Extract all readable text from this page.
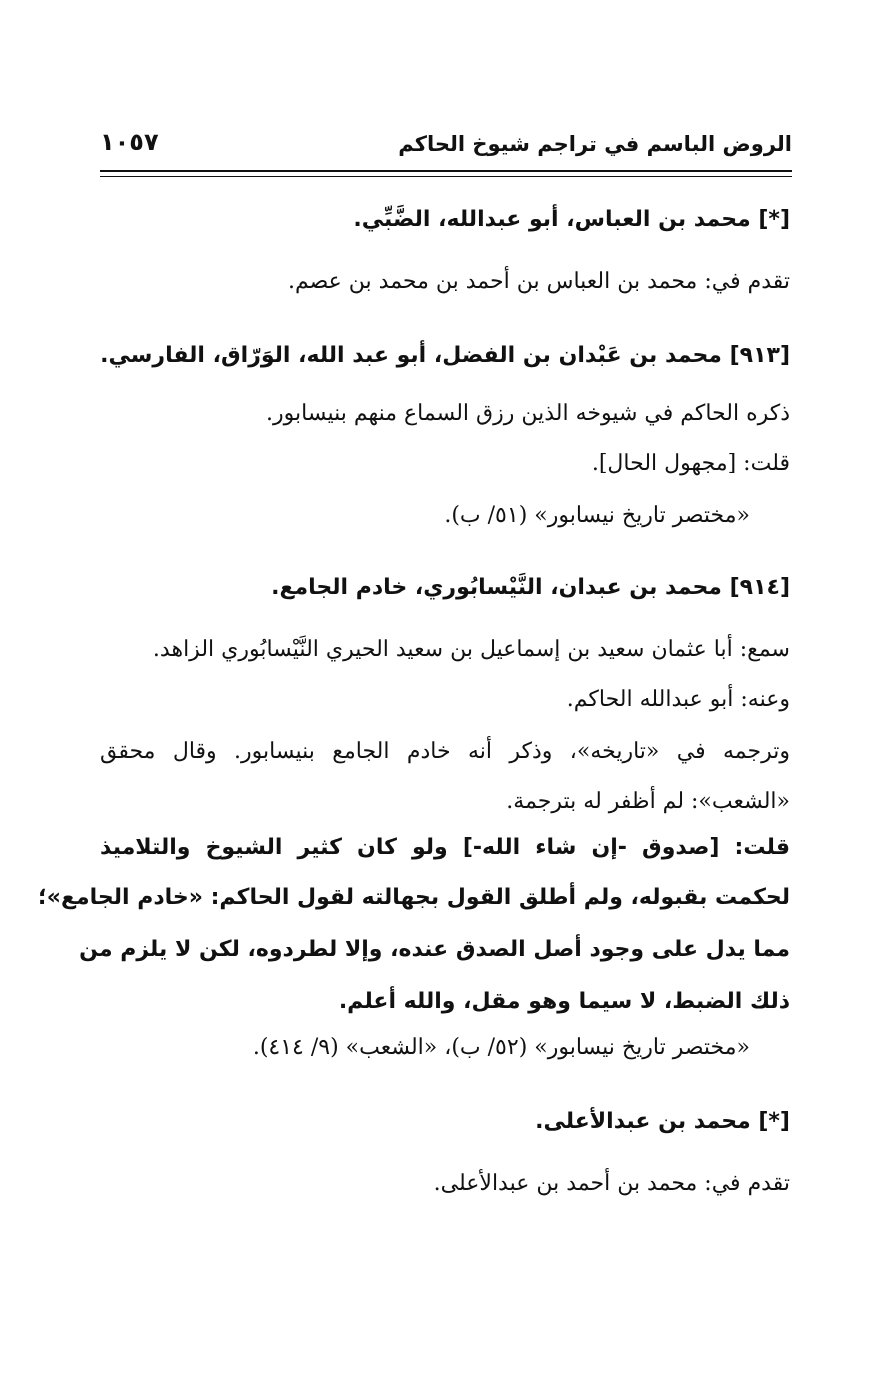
الروض الباسم في تراجم شيوخ الحاكم
١٠٥٧
[*] محمد بن العباس، أبو عبدالله، الضَّبِّي.
تقدم في: محمد بن العباس بن أحمد بن محمد بن عصم.
[٩١٣] محمد بن عَبْدان بن الفضل، أبو عبد الله، الوَرّاق، الفارسي.
ذكره الحاكم في شيوخه الذين رزق السماع منهم بنيسابور.
قلت: [مجهول الحال].
«مختصر تاريخ نيسابور» (٥١/ ب).
[٩١٤] محمد بن عبدان، النَّيْسابُوري، خادم الجامع.
سمع: أبا عثمان سعيد بن إسماعيل بن سعيد الحيري النَّيْسابُوري الزاهد.
وعنه: أبو عبدالله الحاكم.
وترجمه في «تاريخه»، وذكر أنه خادم الجامع بنيسابور. وقال محقق
«الشعب»: لم أظفر له بترجمة.
قلت: [صدوق -إن شاء الله-] ولو كان كثير الشيوخ والتلاميذ
لحكمت بقبوله، ولم أطلق القول بجهالته لقول الحاكم: «خادم الجامع»؛
مما يدل على وجود أصل الصدق عنده، وإلا لطردوه، لكن لا يلزم من
ذلك الضبط، لا سيما وهو مقل، والله أعلم.
«مختصر تاريخ نيسابور» (٥٢/ ب)، «الشعب» (٩/ ٤١٤).
[*] محمد بن عبدالأعلى.
تقدم في: محمد بن أحمد بن عبدالأعلى.
